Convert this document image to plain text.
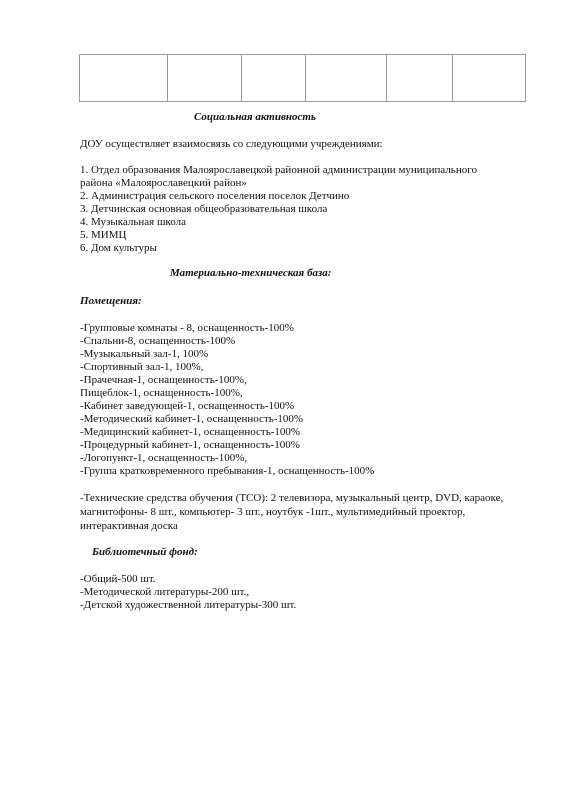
Социальная активность
ДОУ осуществляет взаимосвязь со следующими учреждениями:
1. Отдел образования Малоярославецкой районной администрации муниципального
района «Малоярославецкий район»
2. Администрация сельского поселения поселок Детчино
3. Детчинская основная общеобразовательная школа
4. Музыкальная школа
5. МИМЦ
6. Дом культуры
Материально-техническая база:
Помещения:
-Групповые комнаты - 8, оснащенность-100%
-Спальни-8, оснащенность-100%
-Музыкальный зал-1, 100%
-Спортивный зал-1, 100%,
-Прачечная-1, оснащенность-100%,
Пищеблок-1, оснащенность-100%,
-Кабинет заведующей-1, оснащенность-100%
-Методический кабинет-1, оснащенность-100%
-Медицинский кабинет-1, оснащенность-100%
-Процедурный кабинет-1, оснащенность-100%
-Логопункт-1, оснащенность-100%,
-Группа кратковременного пребывания-1, оснащенность-100%
-Технические средства обучения (ТСО): 2 телевизора, музыкальный центр, DVD, караоке,
магнитофоны- 8 шт., компьютер- 3 шт., ноутбук -1шт., мультимедийный проектор,
интерактивная доска
Библиотечный фонд:
-Общий-500 шт.
-Методической литературы-200 шт.,
-Детской художественной литературы-300 шт.
